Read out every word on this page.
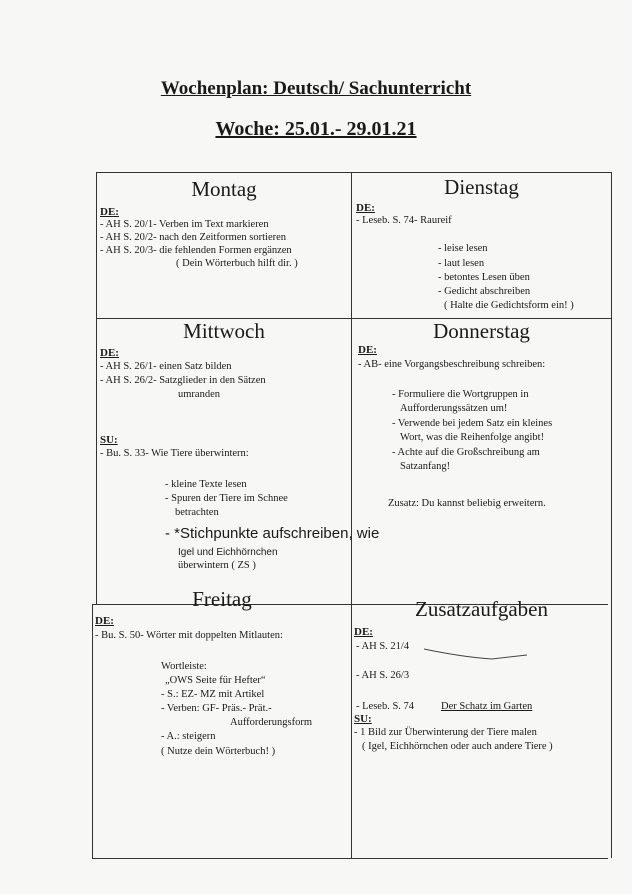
Wochenplan: Deutsch/ Sachunterricht
Woche: 25.01.- 29.01.21
Montag
DE:
- AH S. 20/1- Verben im Text markieren
- AH S. 20/2- nach den Zeitformen sortieren
- AH S. 20/3- die fehlenden Formen ergänzen
( Dein Wörterbuch hilft dir. )
Dienstag
DE:
- Leseb. S. 74- Raureif
- leise lesen
- laut lesen
- betontes Lesen üben
- Gedicht abschreiben
( Halte die Gedichtsform ein! )
Mittwoch
DE:
- AH S. 26/1- einen Satz bilden
- AH S. 26/2- Satzglieder in den Sätzen
umranden
SU:
- Bu. S. 33- Wie Tiere überwintern:
- kleine Texte lesen
- Spuren der Tiere im Schnee
betrachten
- *Stichpunkte aufschreiben, wie
Igel und Eichhörnchen
überwintern ( ZS )
Donnerstag
DE:
- AB- eine Vorgangsbeschreibung schreiben:
- Formuliere die Wortgruppen in
Aufforderungssätzen um!
- Verwende bei jedem Satz ein kleines
Wort, was die Reihenfolge angibt!
- Achte auf die Großschreibung am
Satzanfang!
Zusatz: Du kannst beliebig erweitern.
Freitag
DE:
- Bu. S. 50- Wörter mit doppelten Mitlauten:
Wortleiste:
„OWS Seite für Hefter“
- S.: EZ- MZ mit Artikel
- Verben: GF- Präs.- Prät.-
Aufforderungsform
- A.: steigern
( Nutze dein Wörterbuch! )
Zusatzaufgaben
DE:
- AH S. 21/4
- AH S. 26/3
- Leseb. S. 74	Der Schatz im Garten
SU:
- 1 Bild zur Überwinterung der Tiere malen
( Igel, Eichhörnchen oder auch andere Tiere )
